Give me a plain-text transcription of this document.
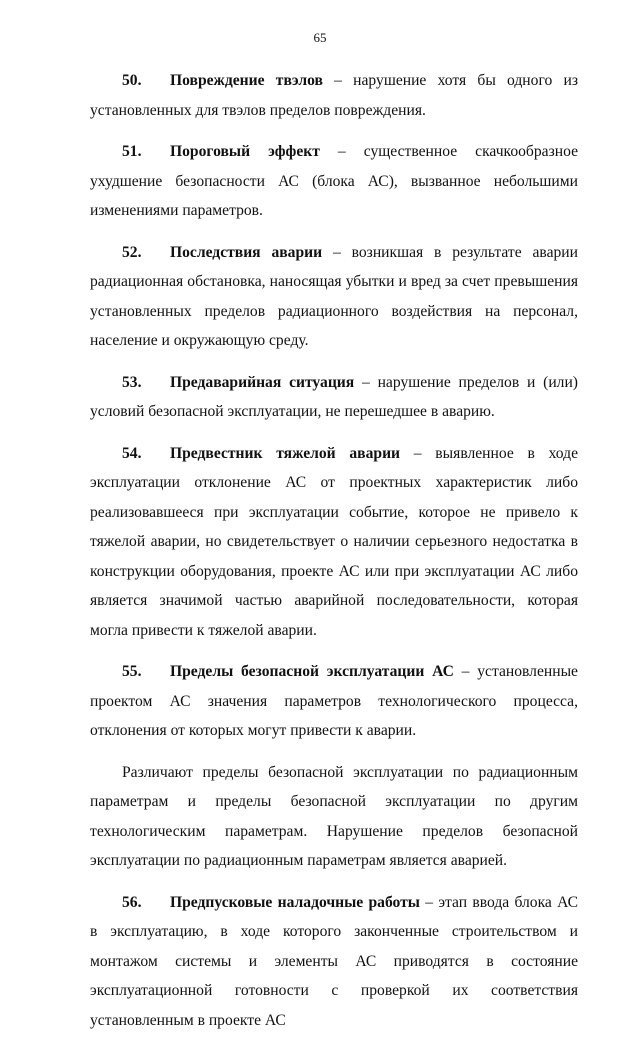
65

50. Повреждение твэлов – нарушение хотя бы одного из установленных для твэлов пределов повреждения.

51. Пороговый эффект – существенное скачкообразное ухудшение безопасности АС (блока АС), вызванное небольшими изменениями параметров.

52. Последствия аварии – возникшая в результате аварии радиационная обстановка, наносящая убытки и вред за счет превышения установленных пределов радиационного воздействия на персонал, население и окружающую среду.

53. Предаварийная ситуация – нарушение пределов и (или) условий безопасной эксплуатации, не перешедшее в аварию.

54. Предвестник тяжелой аварии – выявленное в ходе эксплуатации отклонение АС от проектных характеристик либо реализовавшееся при эксплуатации событие, которое не привело к тяжелой аварии, но свидетельствует о наличии серьезного недостатка в конструкции оборудования, проекте АС или при эксплуатации АС либо является значимой частью аварийной последовательности, которая могла привести к тяжелой аварии.

55. Пределы безопасной эксплуатации АС – установленные проектом АС значения параметров технологического процесса, отклонения от которых могут привести к аварии.

Различают пределы безопасной эксплуатации по радиационным параметрам и пределы безопасной эксплуатации по другим технологическим параметрам. Нарушение пределов безопасной эксплуатации по радиационным параметрам является аварией.

56. Предпусковые наладочные работы – этап ввода блока АС в эксплуатацию, в ходе которого законченные строительством и монтажом системы и элементы АС приводятся в состояние эксплуатационной готовности с проверкой их соответствия установленным в проекте АС
